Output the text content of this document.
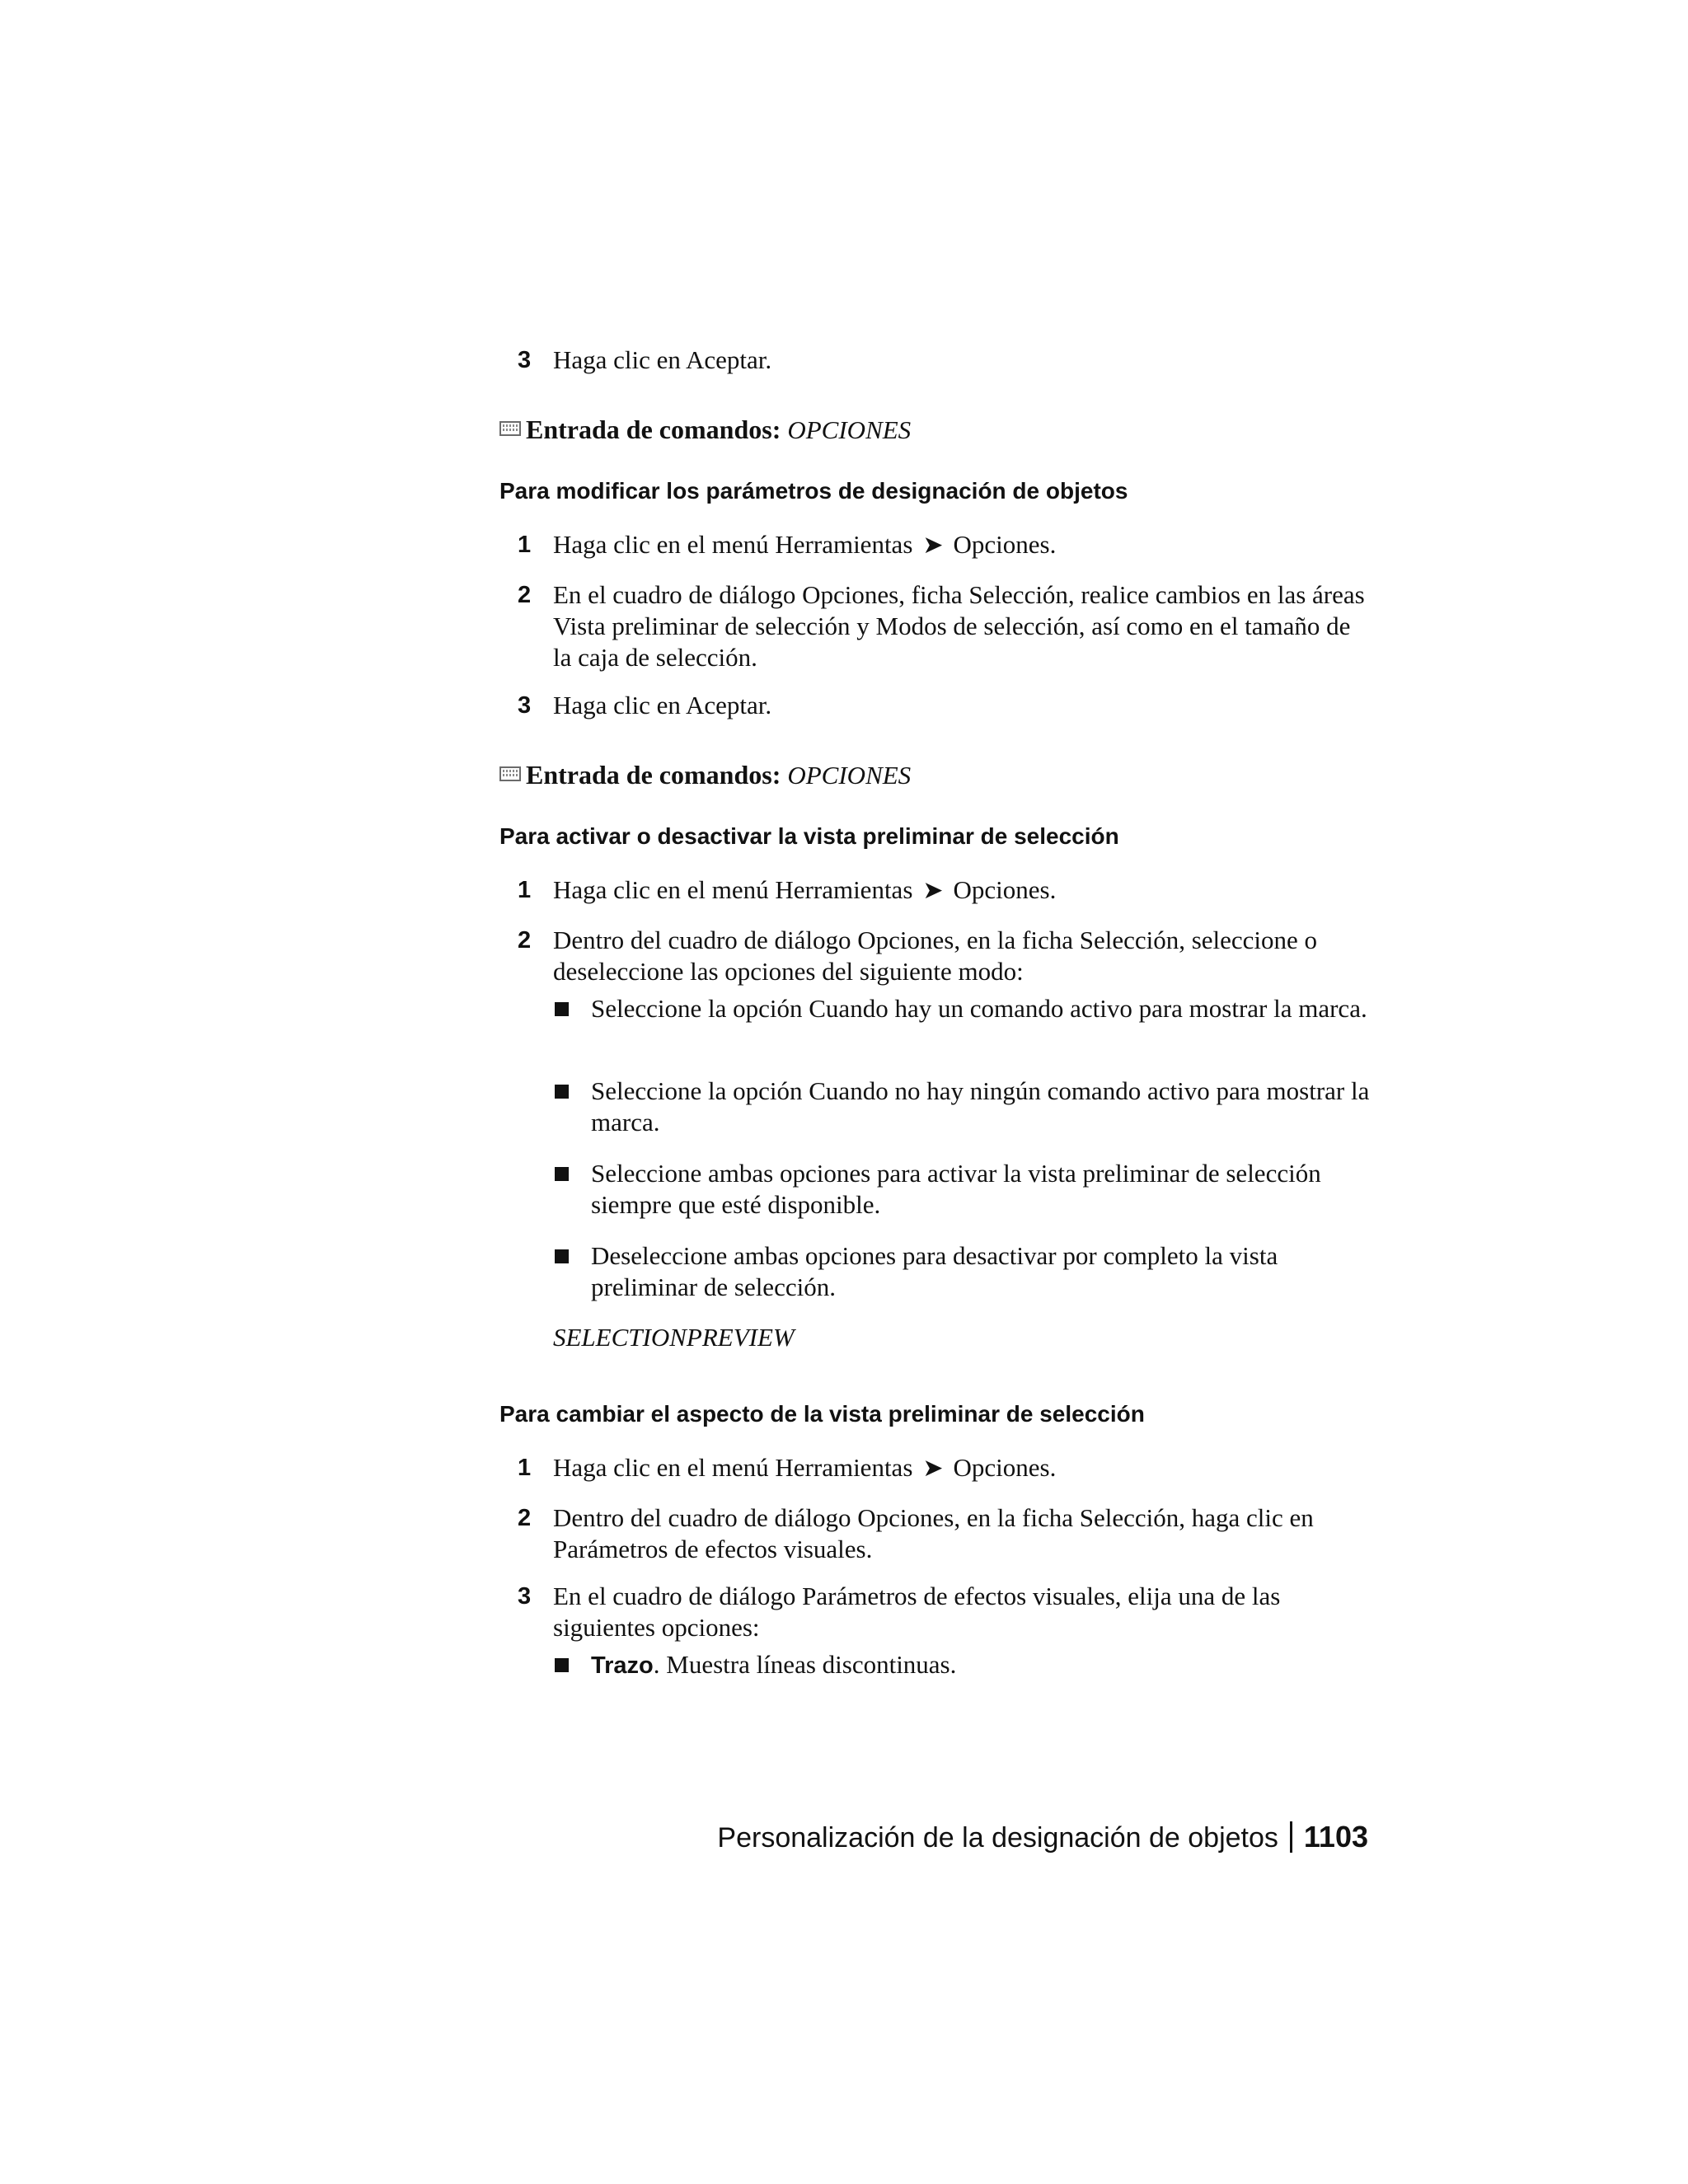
3 Haga clic en Aceptar.
Entrada de comandos: OPCIONES
Para modificar los parámetros de designación de objetos
1 Haga clic en el menú Herramientas ➤ Opciones.
2 En el cuadro de diálogo Opciones, ficha Selección, realice cambios en las áreas Vista preliminar de selección y Modos de selección, así como en el tamaño de la caja de selección.
3 Haga clic en Aceptar.
Entrada de comandos: OPCIONES
Para activar o desactivar la vista preliminar de selección
1 Haga clic en el menú Herramientas ➤ Opciones.
2 Dentro del cuadro de diálogo Opciones, en la ficha Selección, seleccione o deseleccione las opciones del siguiente modo:
Seleccione la opción Cuando hay un comando activo para mostrar la marca.
Seleccione la opción Cuando no hay ningún comando activo para mostrar la marca.
Seleccione ambas opciones para activar la vista preliminar de selección siempre que esté disponible.
Deseleccione ambas opciones para desactivar por completo la vista preliminar de selección.
SELECTIONPREVIEW
Para cambiar el aspecto de la vista preliminar de selección
1 Haga clic en el menú Herramientas ➤ Opciones.
2 Dentro del cuadro de diálogo Opciones, en la ficha Selección, haga clic en Parámetros de efectos visuales.
3 En el cuadro de diálogo Parámetros de efectos visuales, elija una de las siguientes opciones:
Trazo. Muestra líneas discontinuas.
Personalización de la designación de objetos 1103
